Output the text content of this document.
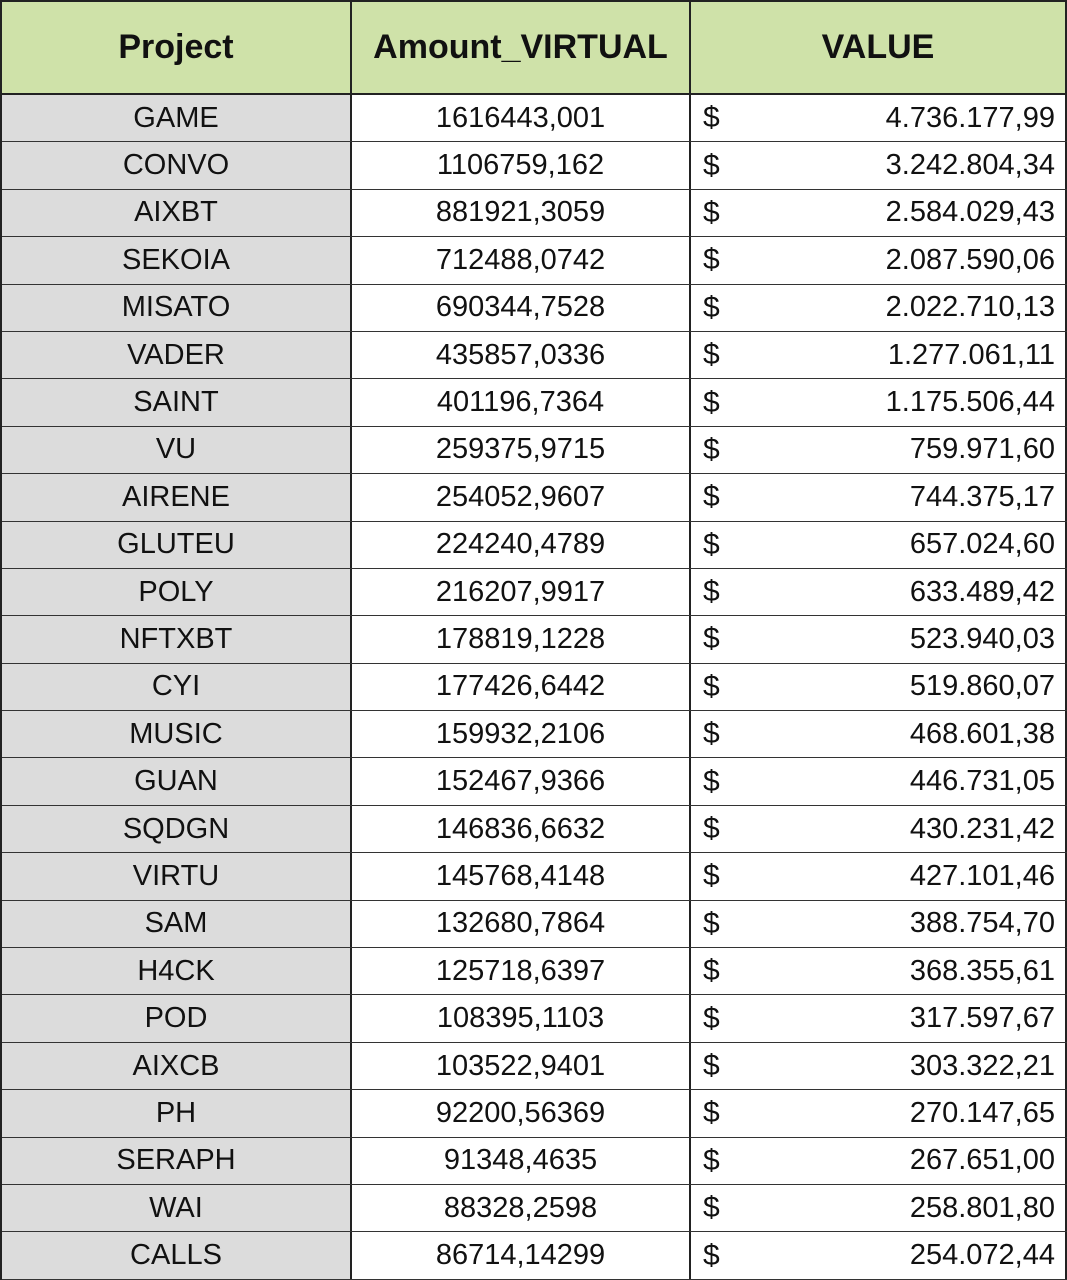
Project	Amount_VIRTUAL	VALUE
GAME	1616443,001	$	4.736.177,99
CONVO	1106759,162	$	3.242.804,34
AIXBT	881921,3059	$	2.584.029,43
SEKOIA	712488,0742	$	2.087.590,06
MISATO	690344,7528	$	2.022.710,13
VADER	435857,0336	$	1.277.061,11
SAINT	401196,7364	$	1.175.506,44
VU	259375,9715	$	759.971,60
AIRENE	254052,9607	$	744.375,17
GLUTEU	224240,4789	$	657.024,60
POLY	216207,9917	$	633.489,42
NFTXBT	178819,1228	$	523.940,03
CYI	177426,6442	$	519.860,07
MUSIC	159932,2106	$	468.601,38
GUAN	152467,9366	$	446.731,05
SQDGN	146836,6632	$	430.231,42
VIRTU	145768,4148	$	427.101,46
SAM	132680,7864	$	388.754,70
H4CK	125718,6397	$	368.355,61
POD	108395,1103	$	317.597,67
AIXCB	103522,9401	$	303.322,21
PH	92200,56369	$	270.147,65
SERAPH	91348,4635	$	267.651,00
WAI	88328,2598	$	258.801,80
CALLS	86714,14299	$	254.072,44
